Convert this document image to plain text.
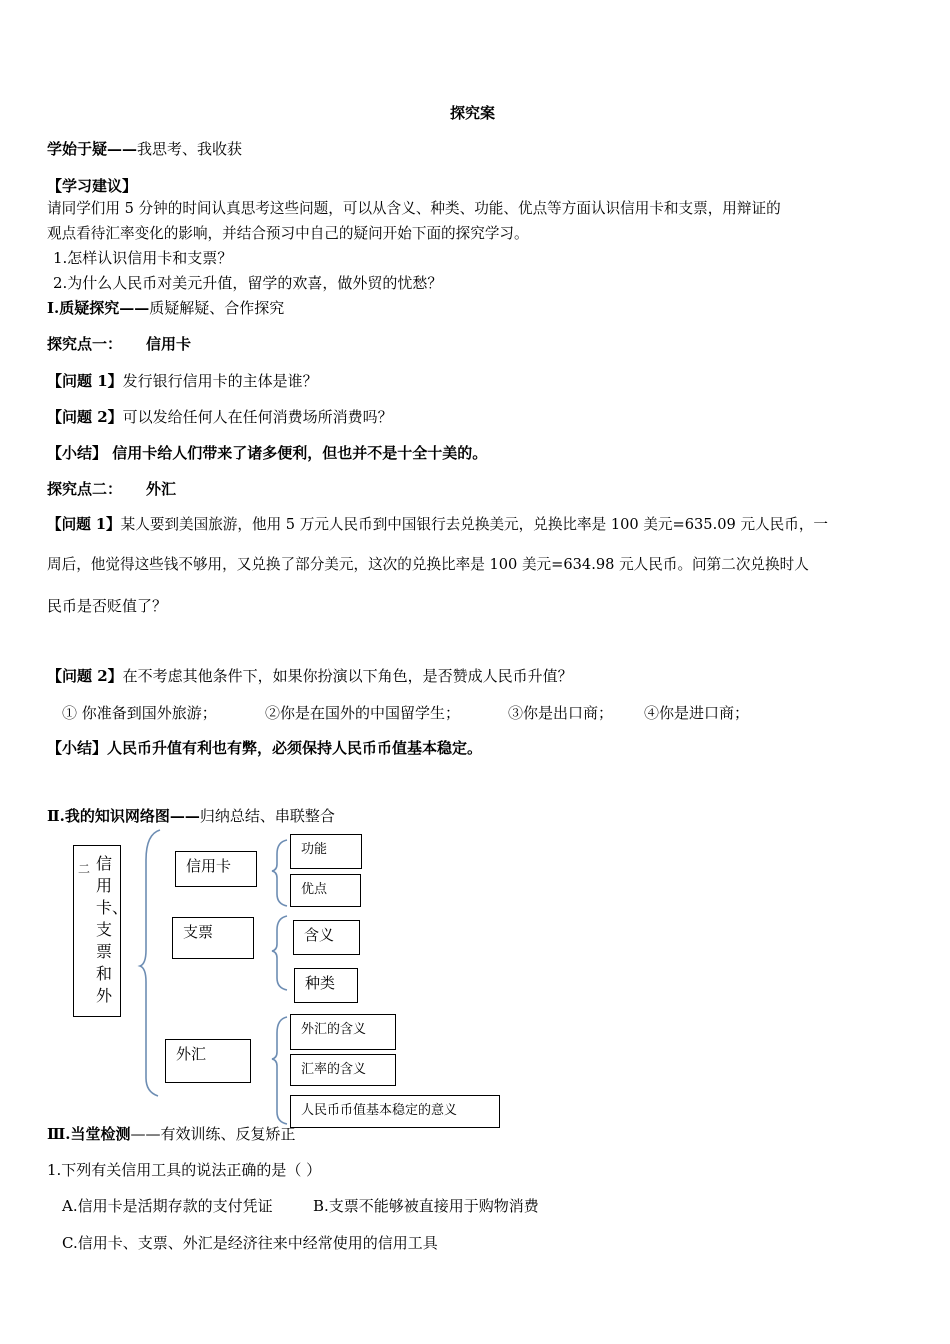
探究案
学始于疑——我思考、我收获
【学习建议】
请同学们用 5 分钟的时间认真思考这些问题，可以从含义、种类、功能、优点等方面认识信用卡和支票，用辩证的
观点看待汇率变化的影响，并结合预习中自己的疑问开始下面的探究学习。
1.怎样认识信用卡和支票？
2.为什么人民币对美元升值，留学的欢喜，做外贸的忧愁？
Ⅰ.质疑探究——质疑解疑、合作探究
探究点一： 信用卡
【问题 1】发行银行信用卡的主体是谁？
【问题 2】可以发给任何人在任何消费场所消费吗？
【小结】 信用卡给人们带来了诸多便利，但也并不是十全十美的。
探究点二： 外汇
【问题 1】某人要到美国旅游，他用 5 万元人民币到中国银行去兑换美元，兑换比率是 100 美元=635.09 元人民币，一
周后，他觉得这些钱不够用，又兑换了部分美元，这次的兑换比率是 100 美元=634.98 元人民币。问第二次兑换时人
民币是否贬值了？
【问题 2】在不考虑其他条件下，如果你扮演以下角色，是否赞成人民币升值？
① 你准备到国外旅游；	②你是在国外的中国留学生；	③你是出口商； ④你是进口商；
【小结】人民币升值有利也有弊，必须保持人民币币值基本稳定。
Ⅱ.我的知识网络图——归纳总结、串联整合
二 信用卡、支票和外
信用卡
支票
外汇
功能
优点
含义
种类
外汇的含义
汇率的含义
人民币币值基本稳定的意义
Ⅲ.当堂检测——有效训练、反复矫正
1.下列有关信用工具的说法正确的是（ ）
A.信用卡是活期存款的支付凭证	B.支票不能够被直接用于购物消费
C.信用卡、支票、外汇是经济往来中经常使用的信用工具
